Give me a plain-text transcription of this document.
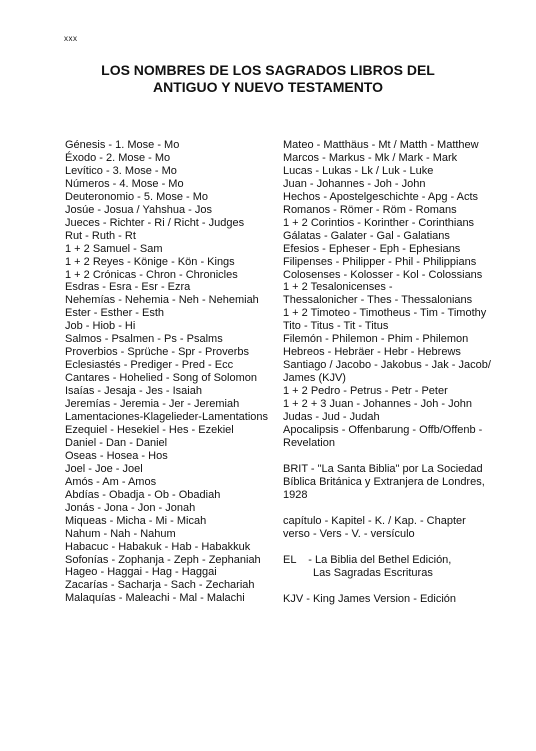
xxx
LOS NOMBRES DE LOS SAGRADOS LIBROS DEL
ANTIGUO Y NUEVO TESTAMENTO
Génesis - 1. Mose - Mo
Éxodo - 2. Mose - Mo
Levítico - 3. Mose - Mo
Números - 4. Mose - Mo
Deuteronomio - 5. Mose - Mo
Josúe - Josua / Yahshua - Jos
Jueces - Richter - Ri / Richt - Judges
Rut - Ruth - Rt
1 + 2 Samuel - Sam
1 + 2 Reyes - Könige - Kön - Kings
1 + 2 Crónicas - Chron - Chronicles
Esdras - Esra - Esr - Ezra
Nehemías - Nehemia - Neh - Nehemiah
Ester - Esther - Esth
Job - Hiob - Hi
Salmos - Psalmen - Ps - Psalms
Proverbios - Sprüche - Spr - Proverbs
Eclesiastés - Prediger - Pred - Ecc
Cantares - Hohelied - Song of Solomon
Isaías - Jesaja - Jes - Isaiah
Jeremías - Jeremia - Jer - Jeremiah
Lamentaciones-Klagelieder-Lamentations
Ezequiel - Hesekiel - Hes - Ezekiel
Daniel - Dan - Daniel
Oseas - Hosea - Hos
Joel - Joe - Joel
Amós - Am - Amos
Abdías - Obadja - Ob - Obadiah
Jonás - Jona - Jon - Jonah
Miqueas - Micha - Mi - Micah
Nahum - Nah - Nahum
Habacuc - Habakuk - Hab - Habakkuk
Sofonías - Zophanja - Zeph - Zephaniah
Hageo - Haggai - Hag - Haggai
Zacarías - Sacharja - Sach - Zechariah
Malaquías - Maleachi - Mal - Malachi
Mateo - Matthäus - Mt / Matth - Matthew
Marcos - Markus - Mk / Mark - Mark
Lucas - Lukas - Lk / Luk - Luke
Juan - Johannes - Joh - John
Hechos - Apostelgeschichte - Apg - Acts
Romanos - Römer - Röm - Romans
1 + 2 Corintios - Korinther - Corinthians
Gálatas - Galater - Gal - Galatians
Efesios - Epheser - Eph - Ephesians
Filipenses - Philipper - Phil - Philippians
Colosenses - Kolosser - Kol - Colossians
1 + 2 Tesalonicenses -
Thessalonicher - Thes - Thessalonians
1 + 2 Timoteo - Timotheus - Tim - Timothy
Tito - Titus - Tit - Titus
Filemón - Philemon - Phim - Philemon
Hebreos - Hebräer - Hebr - Hebrews
Santiago / Jacobo - Jakobus - Jak - Jacob/
James (KJV)
1 + 2 Pedro - Petrus - Petr - Peter
1 + 2 + 3 Juan - Johannes - Joh - John
Judas - Jud - Judah
Apocalipsis - Offenbarung - Offb/Offenb -
Revelation
BRIT - "La Santa Biblia" por La Sociedad
Bíblica Británica y Extranjera de Londres,
1928
capítulo - Kapitel - K. / Kap. - Chapter
verso - Vers - V. - versículo
EL    - La Biblia del Bethel Edición,
Las Sagradas Escrituras
KJV - King James Version - Edición
